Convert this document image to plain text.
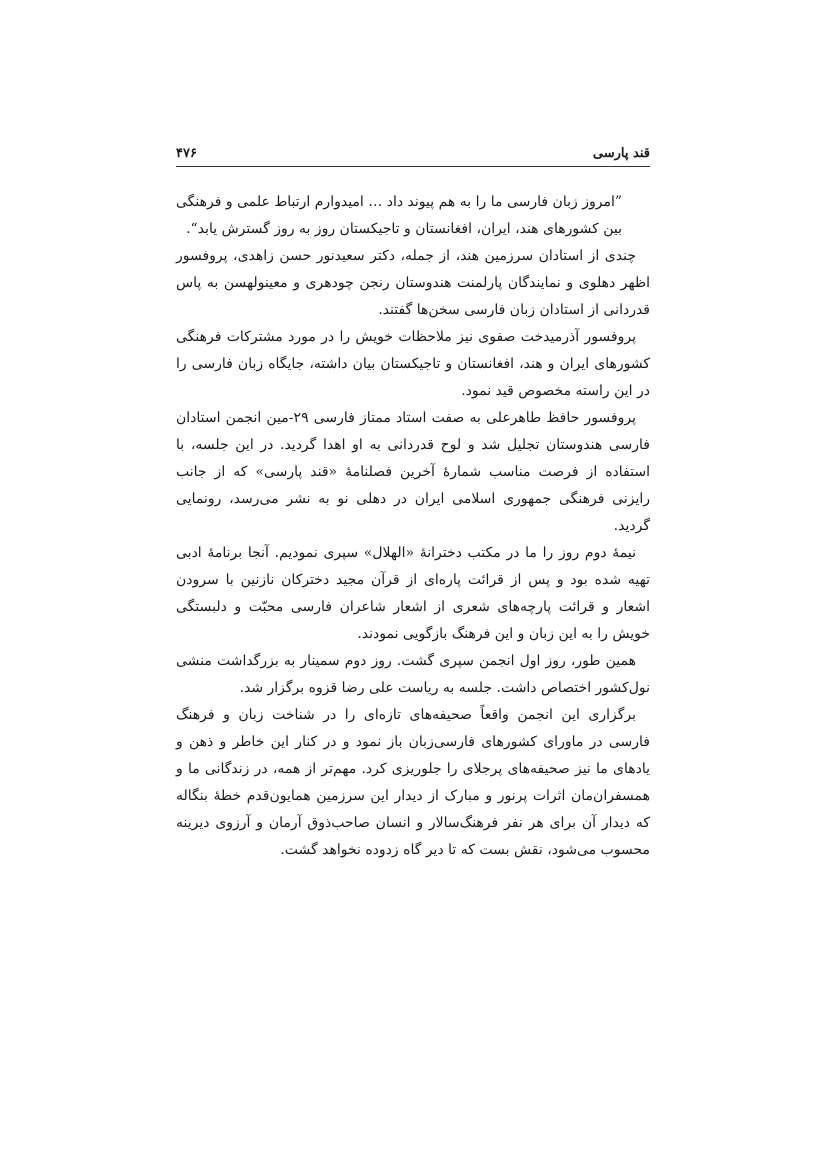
قند پارسی
۴۷۶

”امروز زبان فارسی ما را به هم پیوند داد … امیدوارم ارتباط علمی و فرهنگی بین کشورهای هند، ایران، افغانستان و تاجیکستان روز به روز گسترش یابد“.

چندی از استادان سرزمین هند، از جمله، دکتر سعیدنور حسن زاهدی، پروفسور اظهر دهلوی و نمایندگان پارلمنت هندوستان رنجن چودهری و معینولهسن به پاس قدردانی از استادان زبان فارسی سخن‌ها گفتند.

پروفسور آذرمیدخت صفوی نیز ملاحظات خویش را در مورد مشترکات فرهنگی کشورهای ایران و هند، افغانستان و تاجیکستان بیان داشته، جایگاه زبان فارسی را در این راسته مخصوص قید نمود.

پروفسور حافظ طاهرعلی به صفت استاد ممتاز فارسی ۲۹-مین انجمن استادان فارسی هندوستان تجلیل شد و لوح قدردانی به او اهدا گردید. در این جلسه، با استفاده از فرصت مناسب شمارهٔ آخرین فصلنامهٔ «قند پارسی» که از جانب رایزنی فرهنگی جمهوری اسلامی ایران در دهلی نو به نشر می‌رسد، رونمایی گردید.

نیمهٔ دوم روز را ما در مکتب دخترانهٔ «الهلال» سپری نمودیم. آنجا برنامهٔ ادبی تهیه شده بود و پس از قرائت پاره‌ای از قرآن مجید دختركان نازنین با سرودن اشعار و قرائت پارچه‌های شعری از اشعار شاعران فارسی محبّت و دلبستگی خویش را به این زبان و این فرهنگ بازگویی نمودند.

همین طور، روز اول انجمن سپری گشت. روز دوم سمینار به بزرگداشت منشی نول‌کشور اختصاص داشت. جلسه به ریاست علی رضا قزوه برگزار شد.

برگزاری این انجمن واقعاً صحیفه‌های تازه‌ای را در شناخت زبان و فرهنگ فارسی در ماورای کشورهای فارسی‌زبان باز نمود و در کنار این خاطر و ذهن و یادهای ما نیز صحیفه‌های پرجلای را جلوریزی کرد. مهم‌تر از همه، در زندگانی ما و همسفران‌مان اثرات پرنور و مبارک از دیدار این سرزمین همایون‌قدم خطهٔ بنگاله که دیدار آن برای هر نفر فرهنگ‌سالار و انسان صاحب‌ذوق آرمان و آرزوی دیرینه محسوب می‌شود، نقش بست که تا دیر گاه زدوده نخواهد گشت.
